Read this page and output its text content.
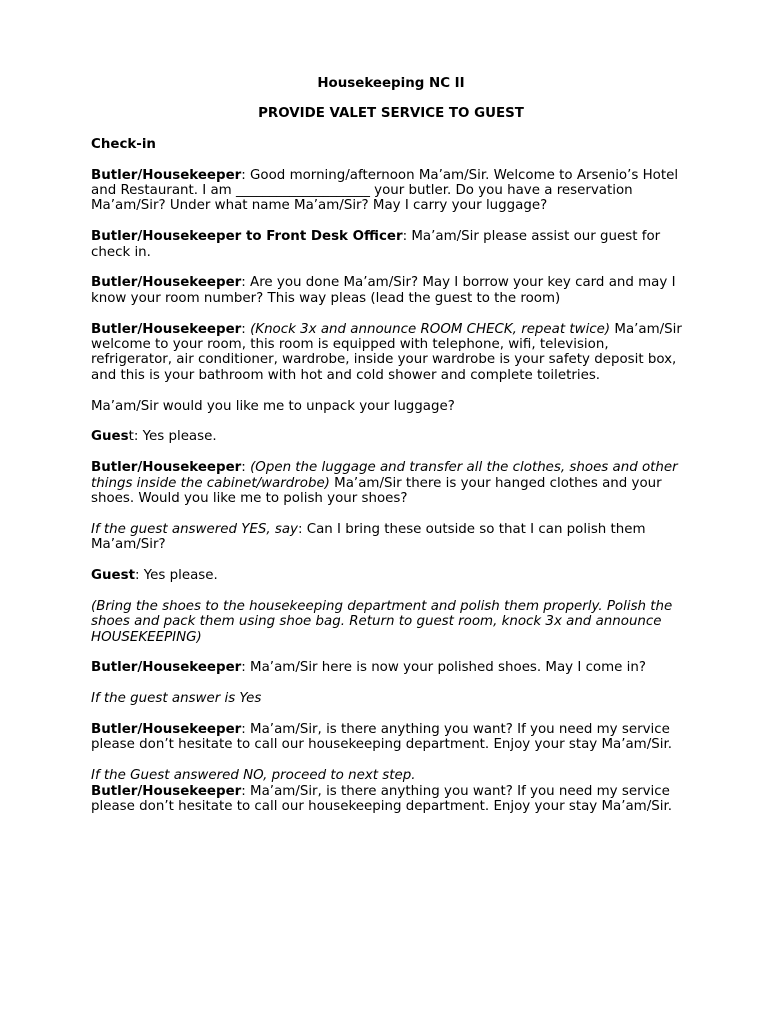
Housekeeping NC II
PROVIDE VALET SERVICE TO GUEST

Check-in

Butler/Housekeeper: Good morning/afternoon Ma’am/Sir. Welcome to Arsenio’s Hotel and Restaurant. I am ____________________ your butler. Do you have a reservation Ma’am/Sir? Under what name Ma’am/Sir? May I carry your luggage?

Butler/Housekeeper to Front Desk Officer: Ma’am/Sir please assist our guest for check in.

Butler/Housekeeper: Are you done Ma’am/Sir? May I borrow your key card and may I know your room number? This way pleas (lead the guest to the room)

Butler/Housekeeper: (Knock 3x and announce ROOM CHECK, repeat twice) Ma’am/Sir welcome to your room, this room is equipped with telephone, wifi, television, refrigerator, air conditioner, wardrobe, inside your wardrobe is your safety deposit box, and this is your bathroom with hot and cold shower and complete toiletries.

Ma’am/Sir would you like me to unpack your luggage?

Guest: Yes please.

Butler/Housekeeper: (Open the luggage and transfer all the clothes, shoes and other things inside the cabinet/wardrobe) Ma’am/Sir there is your hanged clothes and your shoes. Would you like me to polish your shoes?

If the guest answered YES, say: Can I bring these outside so that I can polish them Ma’am/Sir?

Guest: Yes please.

(Bring the shoes to the housekeeping department and polish them properly. Polish the shoes and pack them using shoe bag. Return to guest room, knock 3x and announce HOUSEKEEPING)

Butler/Housekeeper: Ma’am/Sir here is now your polished shoes. May I come in?

If the guest answer is Yes

Butler/Housekeeper: Ma’am/Sir, is there anything you want? If you need my service please don’t hesitate to call our housekeeping department. Enjoy your stay Ma’am/Sir.

If the Guest answered NO, proceed to next step.

Butler/Housekeeper: Ma’am/Sir, is there anything you want? If you need my service please don’t hesitate to call our housekeeping department. Enjoy your stay Ma’am/Sir.
